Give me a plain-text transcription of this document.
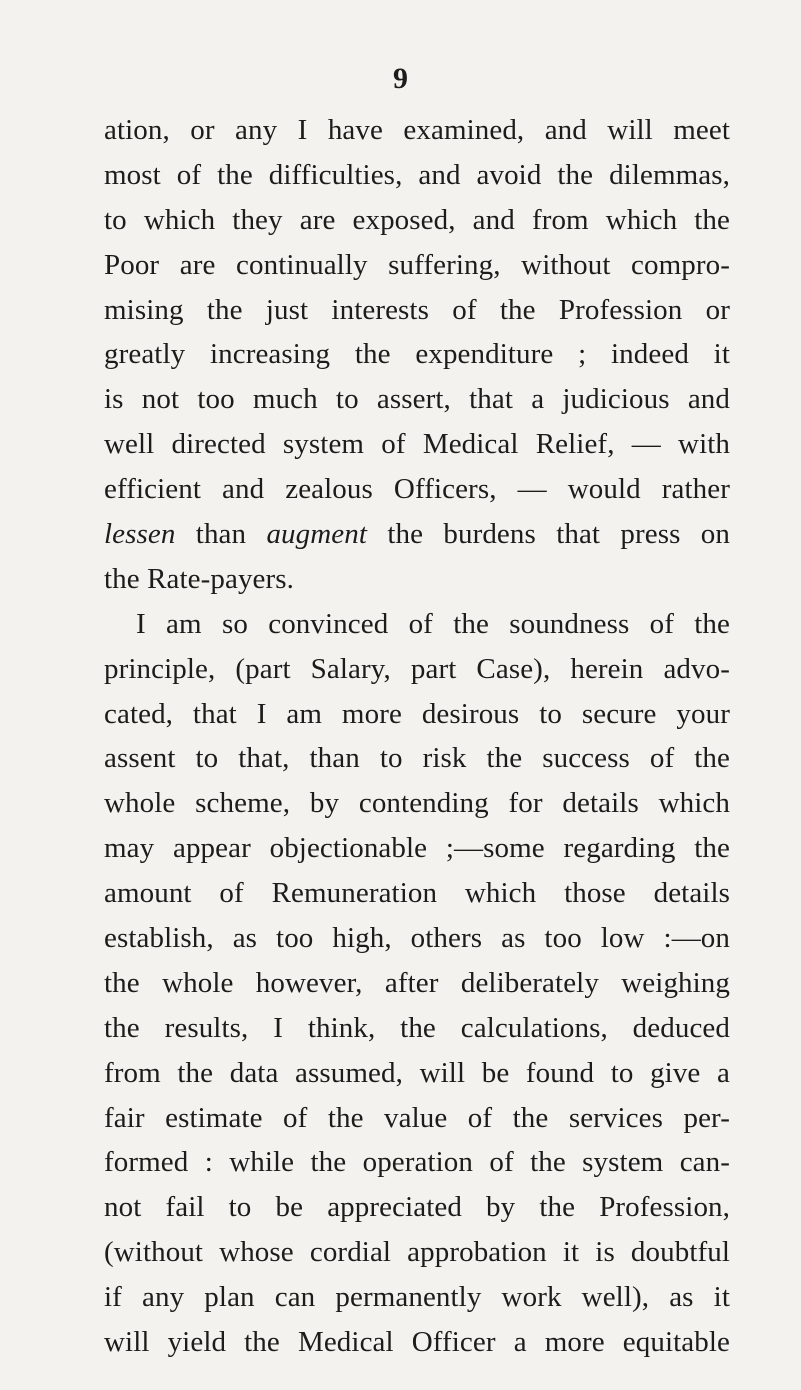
9
ation, or any I have examined, and will meet
most of the difficulties, and avoid the dilemmas,
to which they are exposed, and from which the
Poor are continually suffering, without compro-
mising the just interests of the Profession or
greatly increasing the expenditure ; indeed it
is not too much to assert, that a judicious and
well directed system of Medical Relief, — with
efficient and zealous Officers, — would rather
lessen than augment the burdens that press on
the Rate-payers.
I am so convinced of the soundness of the
principle, (part Salary, part Case), herein advo-
cated, that I am more desirous to secure your
assent to that, than to risk the success of the
whole scheme, by contending for details which
may appear objectionable ;—some regarding the
amount of Remuneration which those details
establish, as too high, others as too low :—on
the whole however, after deliberately weighing
the results, I think, the calculations, deduced
from the data assumed, will be found to give a
fair estimate of the value of the services per-
formed : while the operation of the system can-
not fail to be appreciated by the Profession,
(without whose cordial approbation it is doubtful
if any plan can permanently work well), as it
will yield the Medical Officer a more equitable
